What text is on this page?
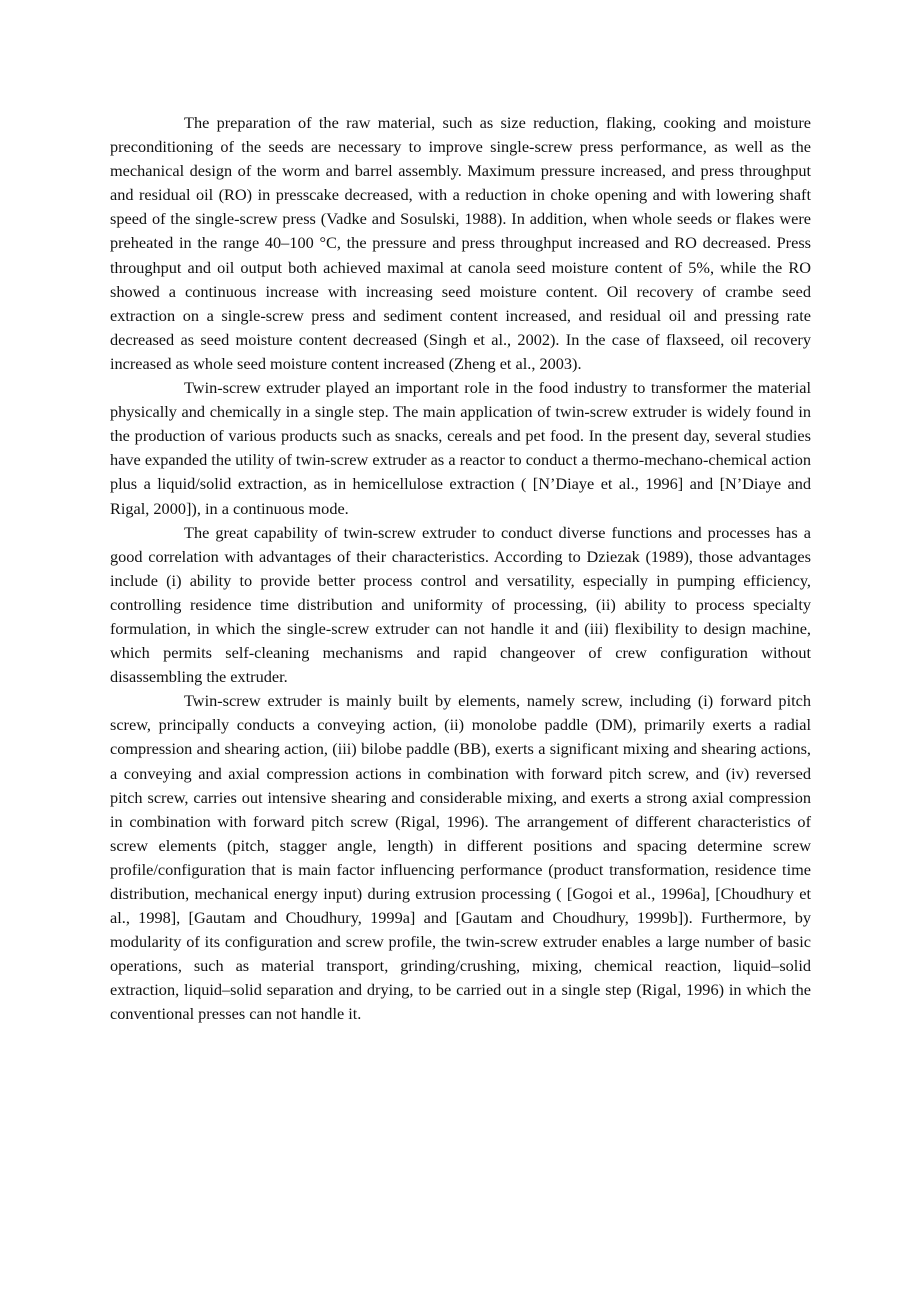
The preparation of the raw material, such as size reduction, flaking, cooking and moisture preconditioning of the seeds are necessary to improve single-screw press performance, as well as the mechanical design of the worm and barrel assembly. Maximum pressure increased, and press throughput and residual oil (RO) in presscake decreased, with a reduction in choke opening and with lowering shaft speed of the single-screw press (Vadke and Sosulski, 1988). In addition, when whole seeds or flakes were preheated in the range 40–100 °C, the pressure and press throughput increased and RO decreased. Press throughput and oil output both achieved maximal at canola seed moisture content of 5%, while the RO showed a continuous increase with increasing seed moisture content. Oil recovery of crambe seed extraction on a single-screw press and sediment content increased, and residual oil and pressing rate decreased as seed moisture content decreased (Singh et al., 2002). In the case of flaxseed, oil recovery increased as whole seed moisture content increased (Zheng et al., 2003).

Twin-screw extruder played an important role in the food industry to transformer the material physically and chemically in a single step. The main application of twin-screw extruder is widely found in the production of various products such as snacks, cereals and pet food. In the present day, several studies have expanded the utility of twin-screw extruder as a reactor to conduct a thermo-mechano-chemical action plus a liquid/solid extraction, as in hemicellulose extraction ( [N’Diaye et al., 1996] and [N’Diaye and Rigal, 2000]), in a continuous mode.

The great capability of twin-screw extruder to conduct diverse functions and processes has a good correlation with advantages of their characteristics. According to Dziezak (1989), those advantages include (i) ability to provide better process control and versatility, especially in pumping efficiency, controlling residence time distribution and uniformity of processing, (ii) ability to process specialty formulation, in which the single-screw extruder can not handle it and (iii) flexibility to design machine, which permits self-cleaning mechanisms and rapid changeover of crew configuration without disassembling the extruder.

Twin-screw extruder is mainly built by elements, namely screw, including (i) forward pitch screw, principally conducts a conveying action, (ii) monolobe paddle (DM), primarily exerts a radial compression and shearing action, (iii) bilobe paddle (BB), exerts a significant mixing and shearing actions, a conveying and axial compression actions in combination with forward pitch screw, and (iv) reversed pitch screw, carries out intensive shearing and considerable mixing, and exerts a strong axial compression in combination with forward pitch screw (Rigal, 1996). The arrangement of different characteristics of screw elements (pitch, stagger angle, length) in different positions and spacing determine screw profile/configuration that is main factor influencing performance (product transformation, residence time distribution, mechanical energy input) during extrusion processing ( [Gogoi et al., 1996a], [Choudhury et al., 1998], [Gautam and Choudhury, 1999a] and [Gautam and Choudhury, 1999b]). Furthermore, by modularity of its configuration and screw profile, the twin-screw extruder enables a large number of basic operations, such as material transport, grinding/crushing, mixing, chemical reaction, liquid–solid extraction, liquid–solid separation and drying, to be carried out in a single step (Rigal, 1996) in which the conventional presses can not handle it.
